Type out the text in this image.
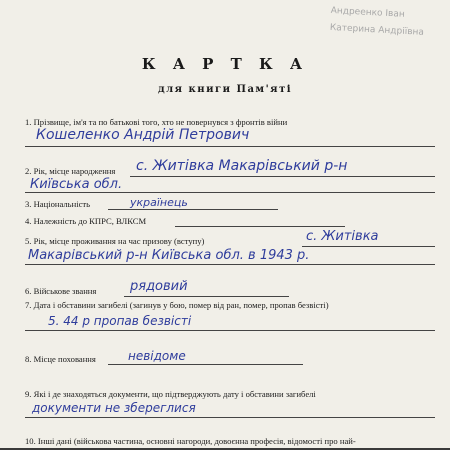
Андреенко Іван
Катерина Андріївна
К А Р Т К А
для книги Пам'яті
1. Прізвище, ім'я та по батькові того, хто не повернувся з фронтів війни
Кошеленко Андрій Петрович
2. Рік, місце народження с. Житівка Макарівський р-н
Київська обл.
3. Національність	українець
4. Належність до КПРС, ВЛКСМ
5. Рік, місце проживання на час призову (вступу)	с. Житівка
Макарівський р-н Київська обл. в 1943 р.
6. Військове звання	рядовий
7. Дата і обставини загибелі (загинув у бою, помер від ран, помер, пропав безвісті)
5. 44 р пропав безвісті
8. Місце поховання	невідоме
9. Які і де знаходяться документи, що підтверджують дату і обставини загибелі
документи не збереглися
10. Інші дані (військова частина, основні нагороди, довоєнна професія, відомості про най-
